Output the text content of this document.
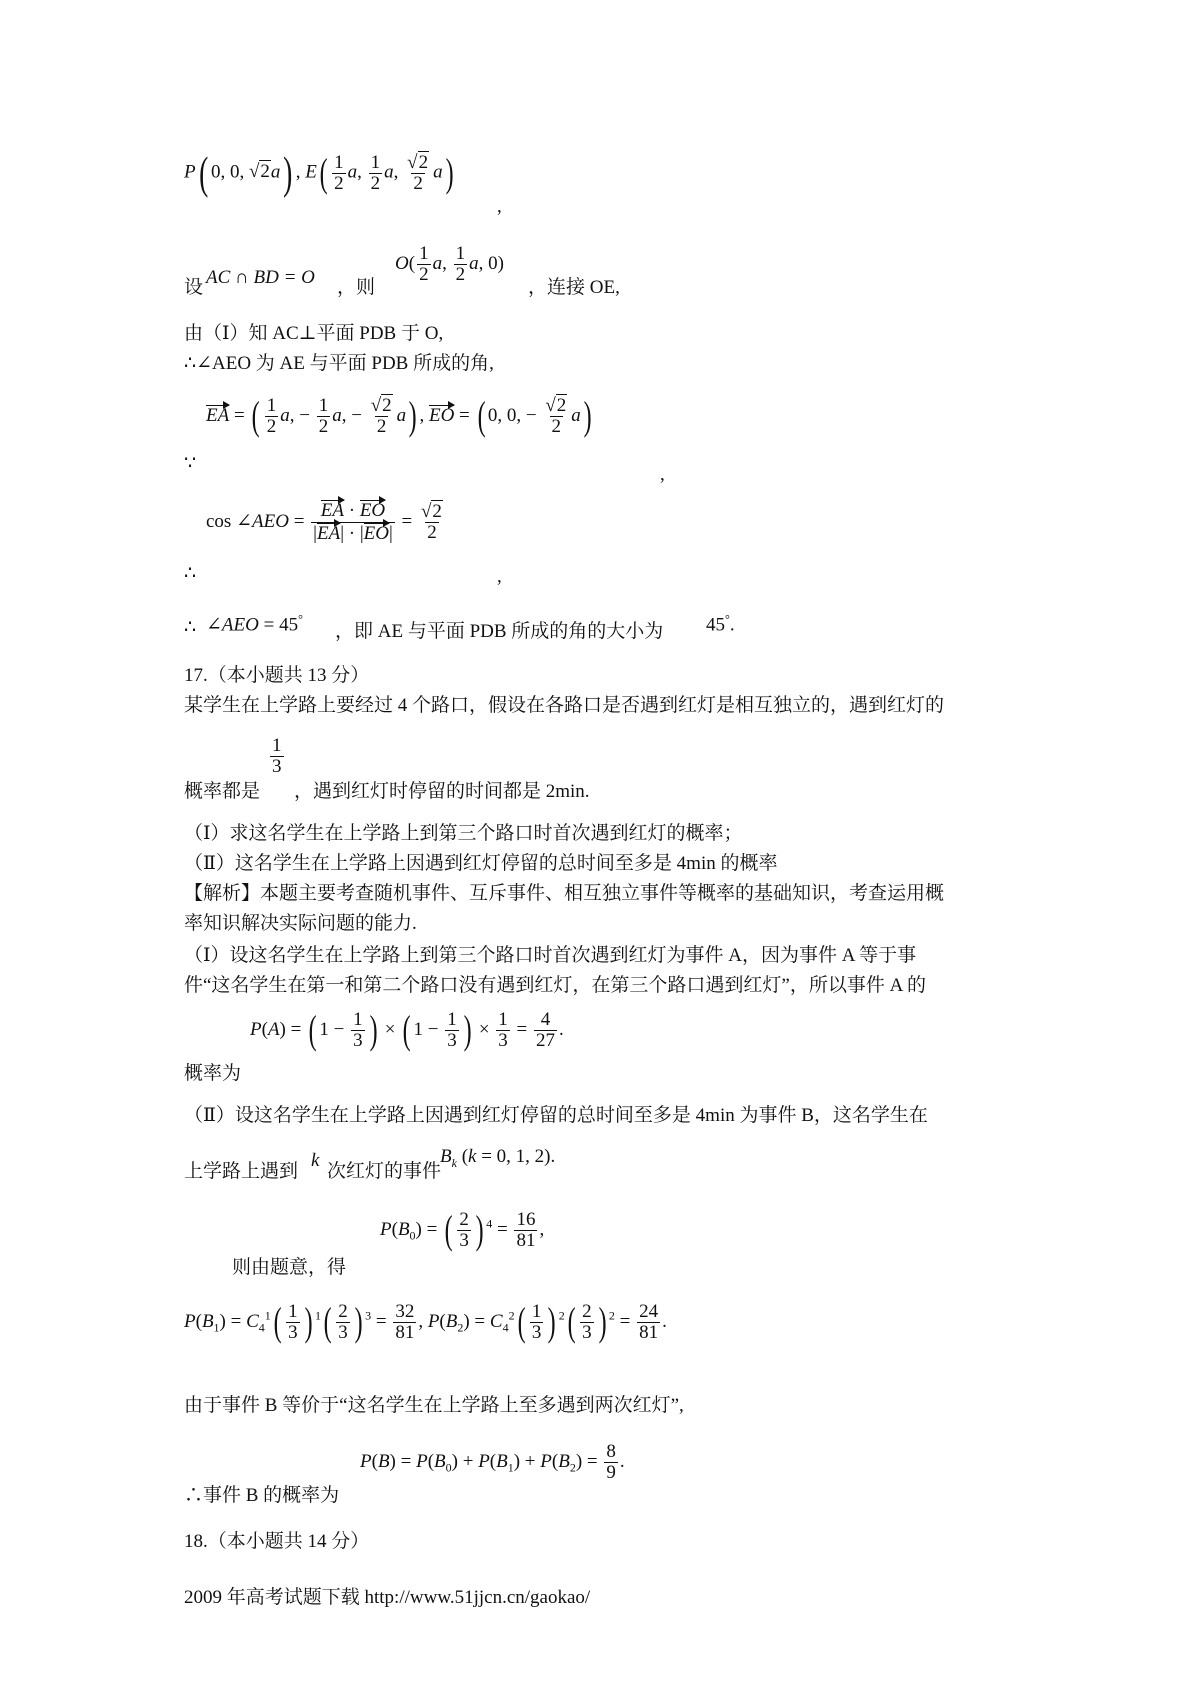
P( 0, 0, √2a) , $E( \frac{1}{2} a$, $\frac{1}{2} a$, $\frac{√2}{2} a$)
,
设 AC ∩ BD = O ，则
$O( \frac{1}{2} a$, $\frac{1}{2} a$, 0)
，连接 OE,
由（Ⅰ）知 AC⊥平面 PDB 于 O,
∴∠AEO 为 AE 与平面 PDB 所成的角,
∵
EA = ( $\frac{1}{2} a$, − $\frac{1}{2} a$, − $\frac{√2}{2} a$) , EO = ( 0, 0, − $\frac{√2}{2} a$)
,
∴
cos ∠AEO = $\frac{EA \cdot EO}{|EA| \cdot |EO|} = \frac{√2}{2}$
,
∴ ∠AEO = 45°
，即 AE 与平面 PDB 所成的角的大小为 45°.
17.（本小题共 13 分）
某学生在上学路上要经过 4 个路口，假设在各路口是否遇到红灯是相互独立的，遇到红灯的
概率都是
$\frac{1}{3}$
，遇到红灯时停留的时间都是 2min.
（Ⅰ）求这名学生在上学路上到第三个路口时首次遇到红灯的概率；
（Ⅱ）这名学生在上学路上因遇到红灯停留的总时间至多是 4min 的概率
【解析】本题主要考查随机事件、互斥事件、相互独立事件等概率的基础知识，考查运用概
率知识解决实际问题的能力.
（Ⅰ）设这名学生在上学路上到第三个路口时首次遇到红灯为事件 A，因为事件 A 等于事
件“这名学生在第一和第二个路口没有遇到红灯，在第三个路口遇到红灯”，所以事件 A 的
概率为
P(A) = ( $1 - \frac{1}{3}$ ) × ( $1 - \frac{1}{3}$ ) × $\frac{1}{3} = \frac{4}{27}$ .
（Ⅱ）设这名学生在上学路上因遇到红灯停留的总时间至多是 4min 为事件 B，这名学生在
上学路上遇到
k
次红灯的事件
$B_k$ (k = 0, 1, 2).
则由题意，得
$P(B_0)$ = ( $\frac{2}{3}$ ) $^4 = \frac{16}{81}$ ,
$P(B_1) = C_4^1( \frac{1}{3}$ ) $^1( \frac{2}{3}$ ) $^3 = \frac{32}{81}$ , $P(B_2) = C_4^2( \frac{1}{3}$ ) $^2( \frac{2}{3}$ ) $^2 = \frac{24}{81}$ .
由于事件 B 等价于“这名学生在上学路上至多遇到两次红灯”,
∴事件 B 的概率为
$P(B) = P(B_0) + P(B_1) + P(B_2) = \frac{8}{9}$ .
18.（本小题共 14 分）
2009 年高考试题下载 http://www.51jjcn.cn/gaokao/
